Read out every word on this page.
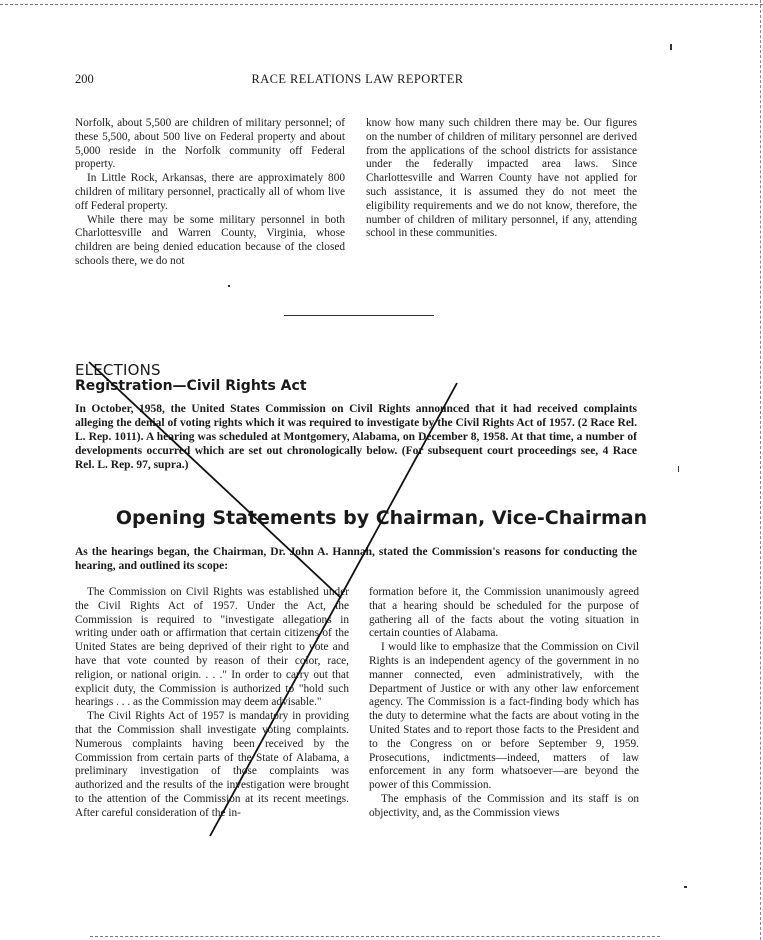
200	RACE RELATIONS LAW REPORTER

Norfolk, about 5,500 are children of military personnel; of these 5,500, about 500 live on Federal property and about 5,000 reside in the Norfolk community off Federal property.

In Little Rock, Arkansas, there are approximately 800 children of military personnel, practically all of whom live off Federal property.

While there may be some military personnel in both Charlottesville and Warren County, Virginia, whose children are being denied education because of the closed schools there, we do not

know how many such children there may be. Our figures on the number of children of military personnel are derived from the applications of the school districts for assistance under the federally impacted area laws. Since Charlottesville and Warren County have not applied for such assistance, it is assumed they do not meet the eligibility requirements and we do not know, therefore, the number of children of military personnel, if any, attending school in these communities.

ELECTIONS
Registration—Civil Rights Act

In October, 1958, the United States Commission on Civil Rights announced that it had received complaints alleging the denial of voting rights which it was required to investigate by the Civil Rights Act of 1957. (2 Race Rel. L. Rep. 1011). A hearing was scheduled at Montgomery, Alabama, on December 8, 1958. At that time, a number of developments occurred which are set out chronologically below. (For subsequent court proceedings see, 4 Race Rel. L. Rep. 97, supra.)

Opening Statements by Chairman, Vice-Chairman

As the hearings began, the Chairman, Dr. John A. Hannah, stated the Commission's reasons for conducting the hearing, and outlined its scope:

The Commission on Civil Rights was established under the Civil Rights Act of 1957. Under the Act, the Commission is required to "investigate allegations in writing under oath or affirmation that certain citizens of the United States are being deprived of their right to vote and have that vote counted by reason of their color, race, religion, or national origin. . . ." In order to carry out that explicit duty, the Commission is authorized to "hold such hearings . . . as the Commission may deem advisable."

The Civil Rights Act of 1957 is mandatory in providing that the Commission shall investigate voting complaints. Numerous complaints having been received by the Commission from certain parts of the State of Alabama, a preliminary investigation of those complaints was authorized and the results of the investigation were brought to the attention of the Commission at its recent meetings. After careful consideration of the in-

formation before it, the Commission unanimously agreed that a hearing should be scheduled for the purpose of gathering all of the facts about the voting situation in certain counties of Alabama.

I would like to emphasize that the Commission on Civil Rights is an independent agency of the government in no manner connected, even administratively, with the Department of Justice or with any other law enforcement agency. The Commission is a fact-finding body which has the duty to determine what the facts are about voting in the United States and to report those facts to the President and to the Congress on or before September 9, 1959. Prosecutions, indictments—indeed, matters of law enforcement in any form whatsoever—are beyond the power of this Commission.

The emphasis of the Commission and its staff is on objectivity, and, as the Commission views
